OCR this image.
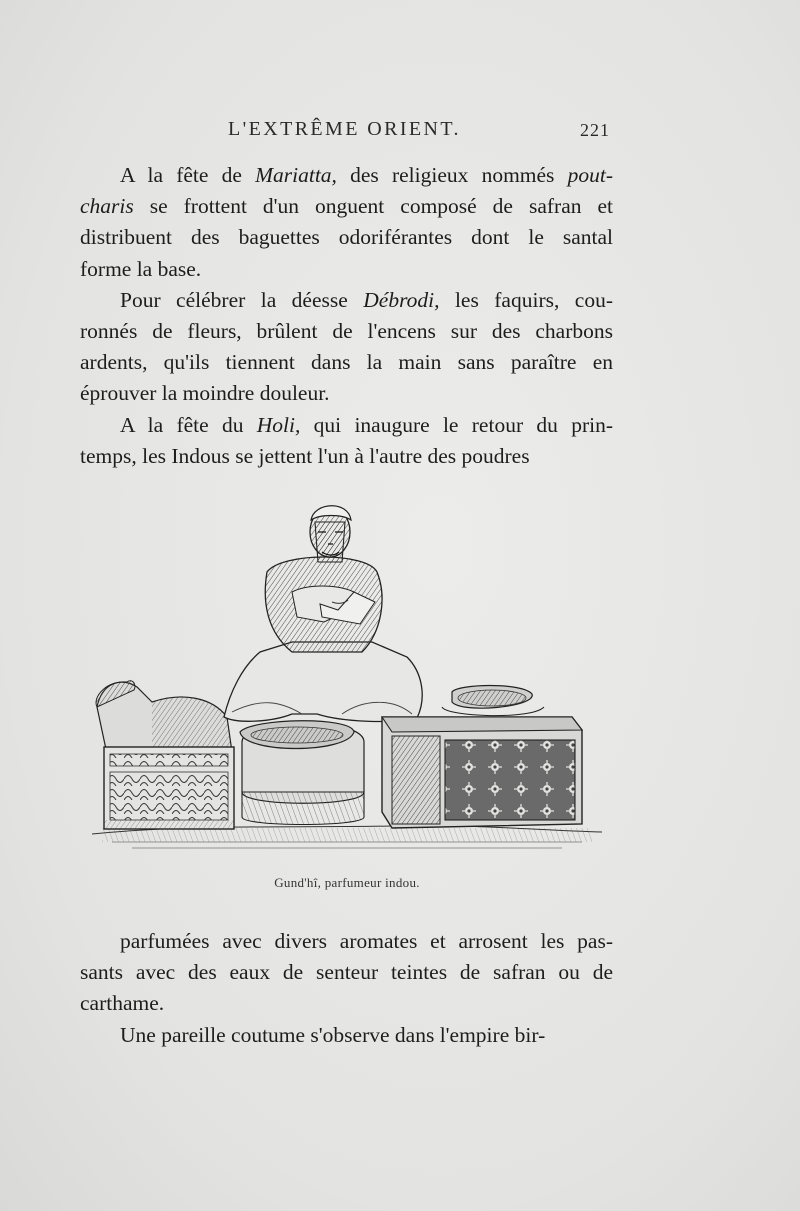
L'EXTRÊME ORIENT.	221
A la fête de Mariatta, des religieux nommés pout-
charis se frottent d'un onguent composé de safran et
distribuent des baguettes odoriférantes dont le santal
forme la base.
Pour célébrer la déesse Débrodi, les faquirs, cou-
ronnés de fleurs, brûlent de l'encens sur des charbons
ardents, qu'ils tiennent dans la main sans paraître en
éprouver la moindre douleur.
A la fête du Holi, qui inaugure le retour du prin-
temps, les Indous se jettent l'un à l'autre des poudres
Gund'hî, parfumeur indou.
parfumées avec divers aromates et arrosent les pas-
sants avec des eaux de senteur teintes de safran ou de
carthame.
Une pareille coutume s'observe dans l'empire bir-
